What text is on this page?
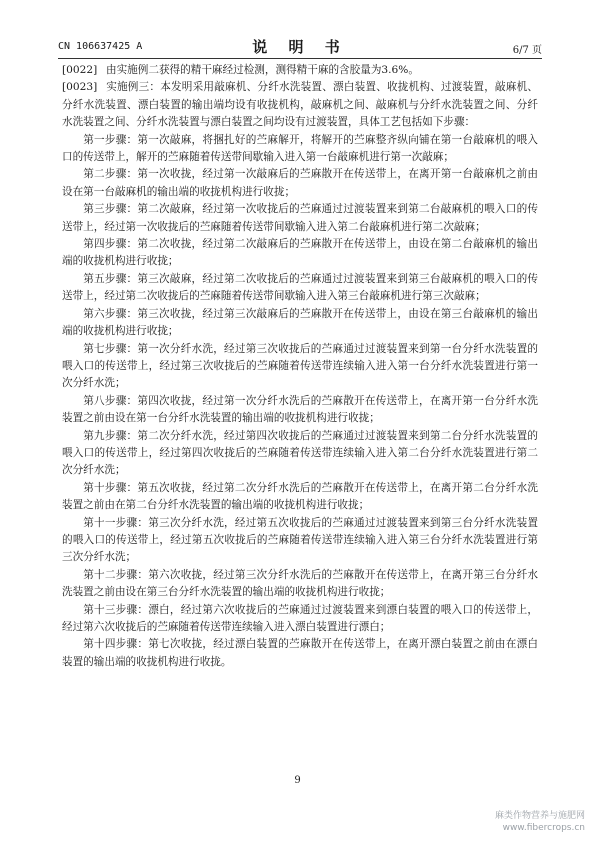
CN 106637425 A	说 明 书	6/7 页

[0022] 由实施例二获得的精干麻经过检测，测得精干麻的含胶量为3.6%。

[0023] 实施例三：本发明采用敲麻机、分纤水洗装置、漂白装置、收拢机构、过渡装置，敲麻机、分纤水洗装置、漂白装置的输出端均设有收拢机构，敲麻机之间、敲麻机与分纤水洗装置之间、分纤水洗装置之间、分纤水洗装置与漂白装置之间均设有过渡装置，具体工艺包括如下步骤：

第一步骤：第一次敲麻，将捆扎好的苎麻解开，将解开的苎麻整齐纵向铺在第一台敲麻机的喂入口的传送带上，解开的苎麻随着传送带间歇输入进入第一台敲麻机进行第一次敲麻；

第二步骤：第一次收拢，经过第一次敲麻后的苎麻散开在传送带上，在离开第一台敲麻机之前由设在第一台敲麻机的输出端的收拢机构进行收拢；

第三步骤：第二次敲麻，经过第一次收拢后的苎麻通过过渡装置来到第二台敲麻机的喂入口的传送带上，经过第一次收拢后的苎麻随着传送带间歇输入进入第二台敲麻机进行第二次敲麻；

第四步骤：第二次收拢，经过第二次敲麻后的苎麻散开在传送带上，由设在第二台敲麻机的输出端的收拢机构进行收拢；

第五步骤：第三次敲麻，经过第二次收拢后的苎麻通过过渡装置来到第三台敲麻机的喂入口的传送带上，经过第二次收拢后的苎麻随着传送带间歇输入进入第三台敲麻机进行第三次敲麻；

第六步骤：第三次收拢，经过第三次敲麻后的苎麻散开在传送带上，由设在第三台敲麻机的输出端的收拢机构进行收拢；

第七步骤：第一次分纤水洗，经过第三次收拢后的苎麻通过过渡装置来到第一台分纤水洗装置的喂入口的传送带上，经过第三次收拢后的苎麻随着传送带连续输入进入第一台分纤水洗装置进行第一次分纤水洗；

第八步骤：第四次收拢，经过第一次分纤水洗后的苎麻散开在传送带上，在离开第一台分纤水洗装置之前由设在第一台分纤水洗装置的输出端的收拢机构进行收拢；

第九步骤：第二次分纤水洗，经过第四次收拢后的苎麻通过过渡装置来到第二台分纤水洗装置的喂入口的传送带上，经过第四次收拢后的苎麻随着传送带连续输入进入第二台分纤水洗装置进行第二次分纤水洗；

第十步骤：第五次收拢，经过第二次分纤水洗后的苎麻散开在传送带上，在离开第二台分纤水洗装置之前由在第二台分纤水洗装置的输出端的收拢机构进行收拢；

第十一步骤：第三次分纤水洗，经过第五次收拢后的苎麻通过过渡装置来到第三台分纤水洗装置的喂入口的传送带上，经过第五次收拢后的苎麻随着传送带连续输入进入第三台分纤水洗装置进行第三次分纤水洗；

第十二步骤：第六次收拢，经过第三次分纤水洗后的苎麻散开在传送带上，在离开第三台分纤水洗装置之前由设在第三台分纤水洗装置的输出端的收拢机构进行收拢；

第十三步骤：漂白，经过第六次收拢后的苎麻通过过渡装置来到漂白装置的喂入口的传送带上，经过第六次收拢后的苎麻随着传送带连续输入进入漂白装置进行漂白；

第十四步骤：第七次收拢，经过漂白装置的苎麻散开在传送带上，在离开漂白装置之前由在漂白装置的输出端的收拢机构进行收拢。

9
麻类作物营养与施肥网
www.fibercrops.cn
